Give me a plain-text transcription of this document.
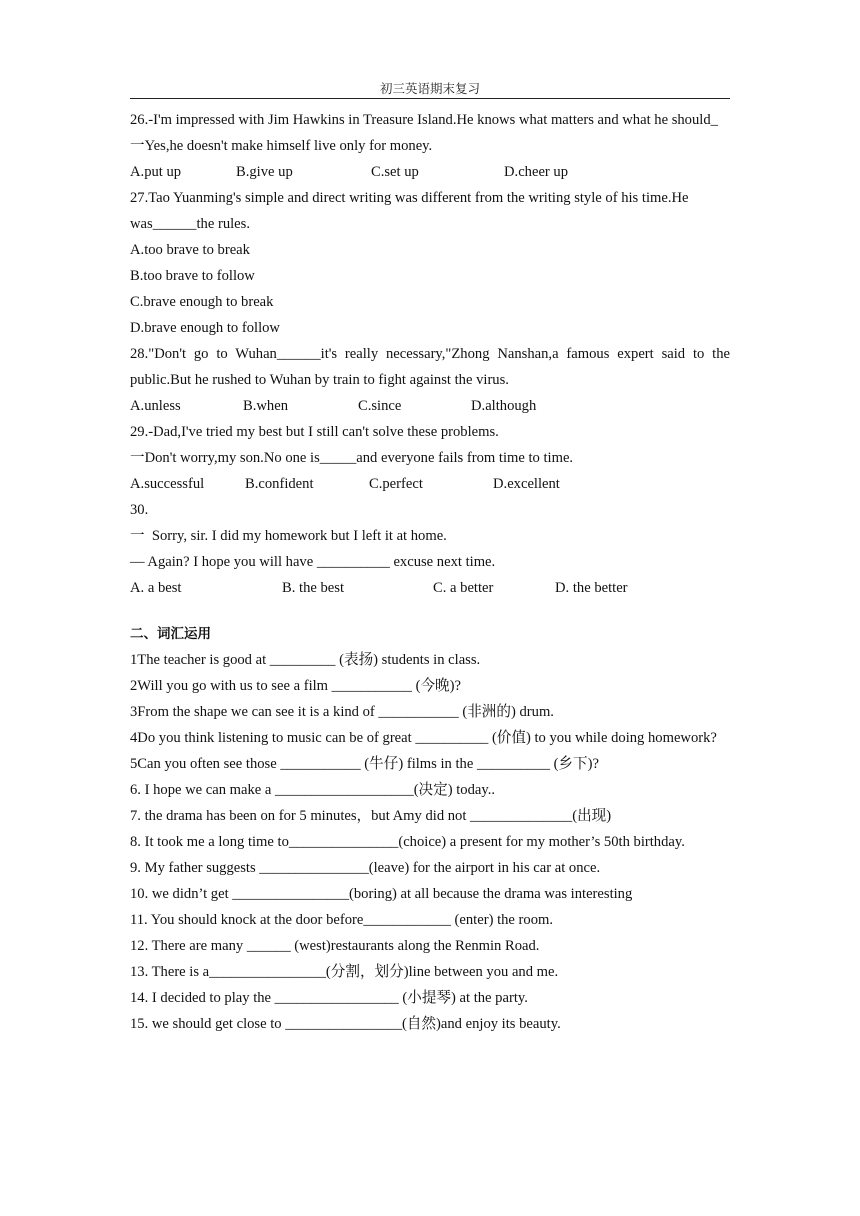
初三英语期末复习

26.-I'm impressed with Jim Hawkins in Treasure Island.He knows what matters and what he should_

一Yes,he doesn't make himself live only for money.

A.put up	B.give up	C.set up	D.cheer up

27.Tao Yuanming's simple and direct writing was different from the writing style of his time.He was______the rules.

A.too brave to break

B.too brave to follow

C.brave enough to break

D.brave enough to follow

28."Don't go to Wuhan______it's really necessary,"Zhong Nanshan,a famous expert said to the public.But he rushed to Wuhan by train to fight against the virus.

A.unless	B.when	C.since	D.although

29.-Dad,I've tried my best but I still can't solve these problems.

一Don't worry,my son.No one is_____and everyone fails from time to time.

A.successful	B.confident	C.perfect	D.excellent

30.

一  Sorry, sir. I did my homework but I left it at home.

— Again? I hope you will have __________ excuse next time.

A. a best	B. the best	C. a better	D. the better
二、词汇运用

1The teacher is good at _________ (表扬) students in class.

2Will you go with us to see a film ___________ (今晚)?

3From the shape we can see it is a kind of ___________ (非洲的) drum.

4Do you think listening to music can be of great __________ (价值) to you while doing homework?

5Can you often see those ___________ (牛仔) films in the __________ (乡下)?

6. I hope we can make a ___________________(决定) today..

7. the drama has been on for 5 minutes，but Amy did not ______________(出现)

8. It took me a long time to_______________(choice) a present for my mother’s 50th birthday.

9. My father suggests _______________(leave) for the airport in his car at once.

10. we didn’t get ________________(boring) at all because the drama was interesting

11. You should knock at the door before____________ (enter) the room.

12. There are many ______ (west)restaurants along the Renmin Road.

13. There is a________________(分割，划分)line between you and me.

14. I decided to play the _________________ (小提琴) at the party.

15. we should get close to ________________(自然)and enjoy its beauty.
